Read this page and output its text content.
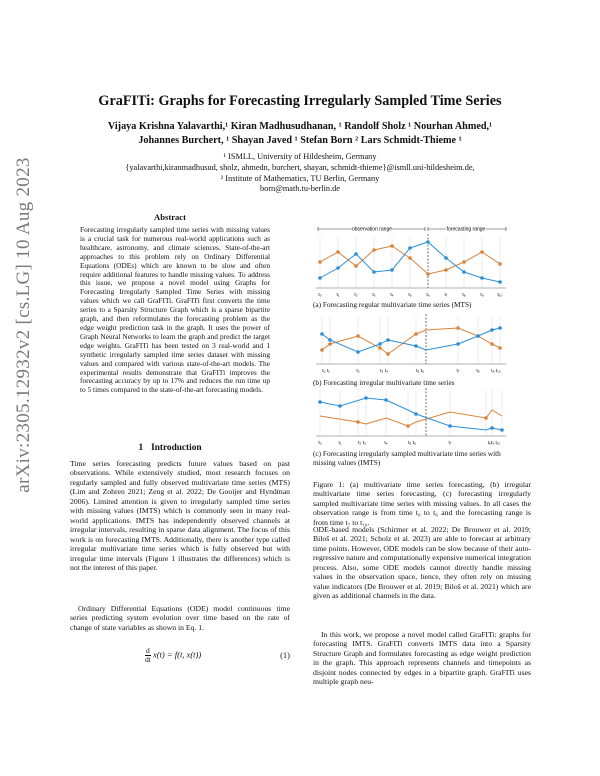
arXiv:2305.12932v2 [cs.LG] 10 Aug 2023
GraFITi: Graphs for Forecasting Irregularly Sampled Time Series
Vijaya Krishna Yalavarthi,¹ Kiran Madhusudhanan, ¹ Randolf Sholz ¹ Nourhan Ahmed,¹
Johannes Burchert, ¹ Shayan Javed ¹ Stefan Born ² Lars Schmidt-Thieme ¹

¹ ISMLL, University of Hildesheim, Germany

{yalavarthi,kiranmadhusud, sholz, ahmedn, burchert, shayan, schmidt-thieme}@ismll.uni-hildesheim.de,

² Institute of Mathematics, TU Berlin, Germany

born@math.tu-berlin.de

Abstract

Forecasting irregularly sampled time series with missing values is a crucial task for numerous real-world applications such as healthcare, astronomy, and climate sciences. State-of-the-art approaches to this problem rely on Ordinary Differential Equations (ODEs) which are known to be slow and often require additional features to handle missing values. To address this issue, we propose a novel model using Graphs for Forecasting Irregularly Sampled Time Series with missing values which we call GraFITi. GraFITi first converts the time series to a Sparsity Structure Graph which is a sparse bipartite graph, and then reformulates the forecasting problem as the edge weight prediction task in the graph. It uses the power of Graph Neural Networks to learn the graph and predict the target edge weights. GraFITi has been tested on 3 real-world and 1 synthetic irregularly sampled time series dataset with missing values and compared with various state-of-the-art models. The experimental results demonstrate that GraFITi improves the forecasting accuracy by up to 17% and reduces the run time up to 5 times compared to the state-of-the-art forecasting models.

1 Introduction

Time series forecasting predicts future values based on past observations. While extensively studied, most research focuses on regularly sampled and fully observed multivariate time series (MTS) (Lim and Zohren 2021; Zeng et al. 2022; De Gooijer and Hyndman 2006). Limited attention is given to irregularly sampled time series with missing values (IMTS) which is commonly seen in many real-world applications. IMTS has independently observed channels at irregular intervals, resulting in sparse data alignment. The focus of this work is on forecasting IMTS. Additionally, there is another type called irregular multivariate time series which is fully observed but with irregular time intervals (Figure 1 illustrates the differences) which is not the interest of this paper.

Ordinary Differential Equations (ODE) model continuous time series predicting system evolution over time based on the rate of change of state variables as shown in Eq. 1.

$\frac{d}{dt} x(t) = f(t$, x(t))	(1)
observation range	forecasting range
t₀	t₁	t₂	t₃	t₄	t₅	t₆	t₇	t₈	t₉	t₁₀

(a) Forecasting regular multivariate time series (MTS)

t₀ t₁	t₂	t₃ t₄	t₅ t₆	t₇	t₈ t₉ t₁₀

(b) Forecasting irregular multivariate time series

t₀	t₁	t₂ t₃	t₄	t₅ t₆	t₇	t₈t₉ t₁₀

(c) Forecasting irregularly sampled multivariate time series with missing values (IMTS)

Figure 1: (a) multivariate time series forecasting, (b) irregular multivariate time series forecasting, (c) forecasting irregularly sampled multivariate time series with missing values. In all cases the observation range is from time t₀ to t₆ and the forecasting range is from time t₇ to t₁₀.

ODE-based models (Schirmer et al. 2022; De Brouwer et al. 2019; Biloš et al. 2021; Scholz et al. 2023) are able to forecast at arbitrary time points. However, ODE models can be slow because of their auto-regressive nature and computationally expensive numerical integration process. Also, some ODE models cannot directly handle missing values in the observation space, hence, they often rely on missing value indicators (De Brouwer et al. 2019; Biloš et al. 2021) which are given as additional channels in the data.

In this work, we propose a novel model called GraFITi: graphs for forecasting IMTS. GraFITi converts IMTS data into a Sparsity Structure Graph and formulates forecasting as edge weight prediction in the graph. This approach represents channels and timepoints as disjoint nodes connected by edges in a bipartite graph. GraFITi uses multiple graph neu-
